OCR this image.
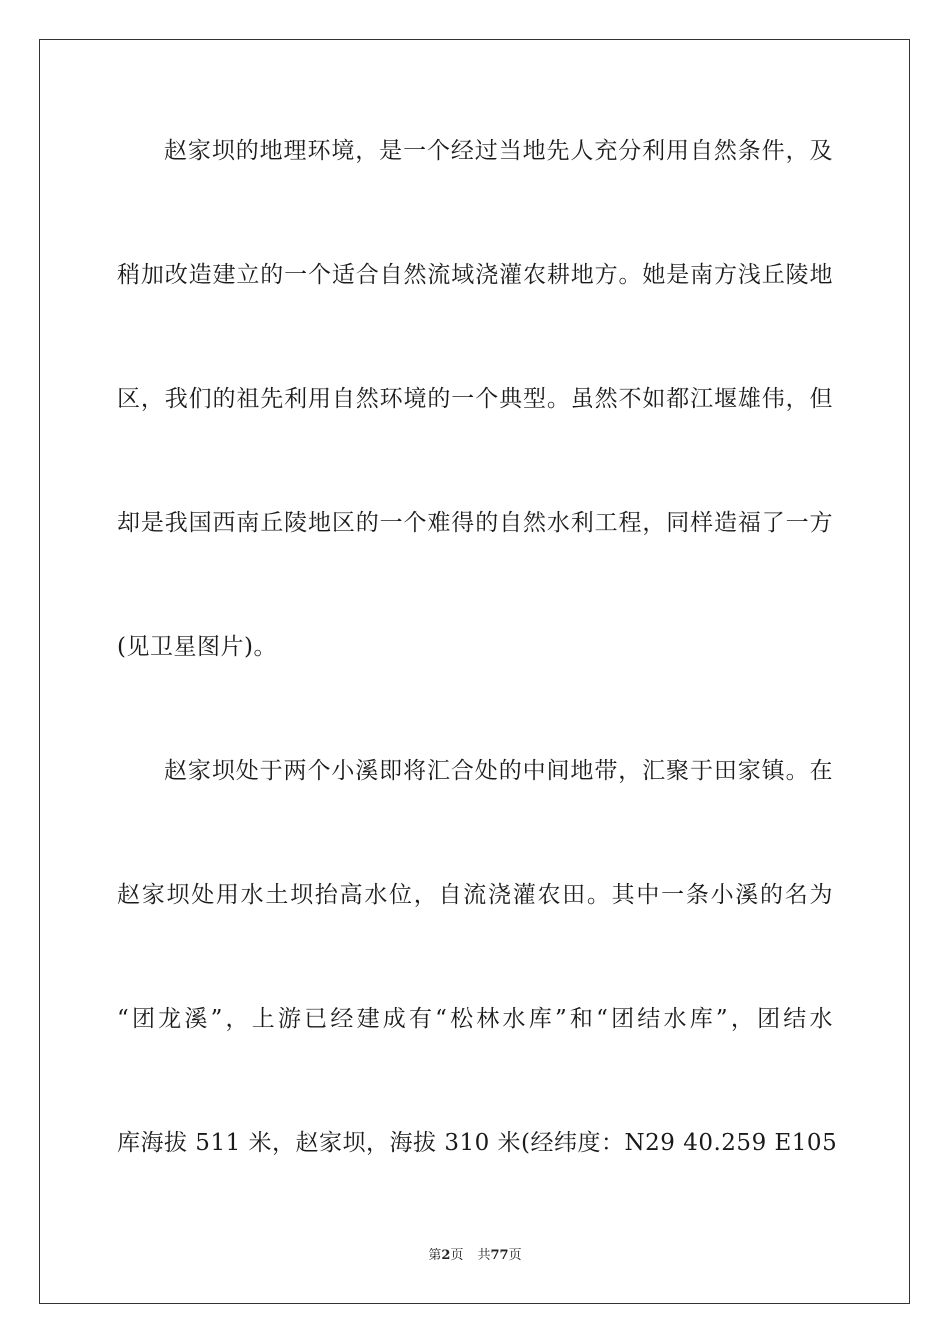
赵家坝的地理环境，是一个经过当地先人充分利用自然条件，及
稍加改造建立的一个适合自然流域浇灌农耕地方。她是南方浅丘陵地
区，我们的祖先利用自然环境的一个典型。虽然不如都江堰雄伟，但
却是我国西南丘陵地区的一个难得的自然水利工程，同样造福了一方
(见卫星图片)。
赵家坝处于两个小溪即将汇合处的中间地带，汇聚于田家镇。在
赵家坝处用水土坝抬高水位，自流浇灌农田。其中一条小溪的名为
“团龙溪”，上游已经建成有“松林水库”和“团结水库”，团结水
库海拔 511 米，赵家坝，海拔 310 米(经纬度：N29 40.259 E105
第2页 共77页
